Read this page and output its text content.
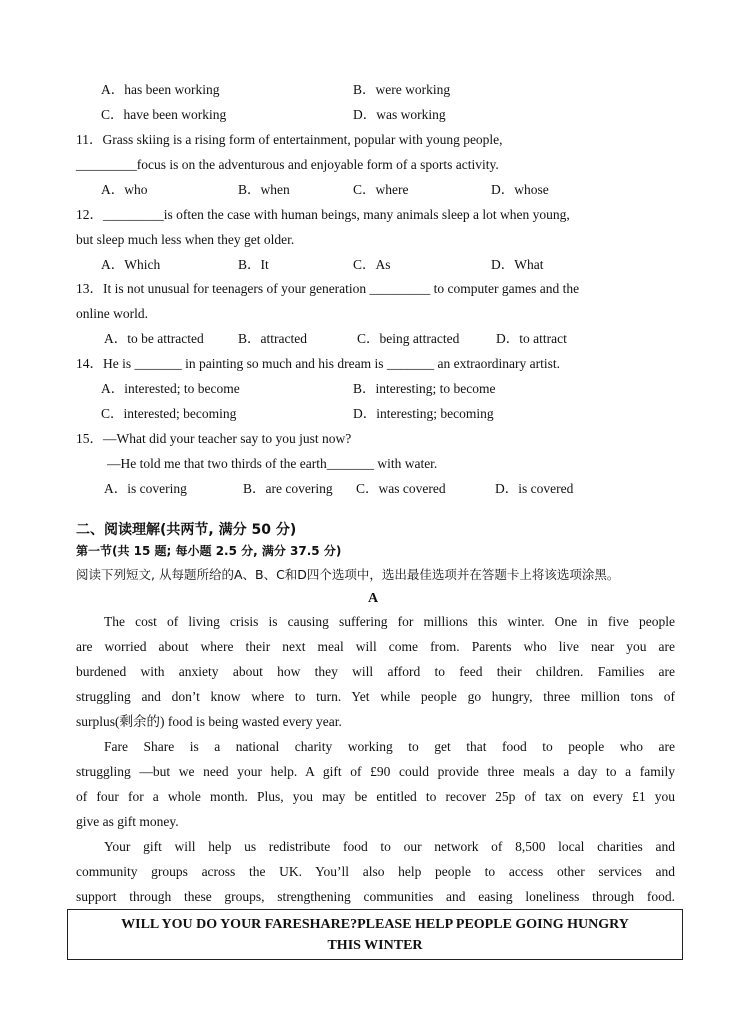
A．has been working	B．were working
C．have been working	D．was working
11．Grass skiing is a rising form of entertainment, popular with young people,
_________focus is on the adventurous and enjoyable form of a sports activity.
A．who	B．when	C．where	D．whose
12．_________is often the case with human beings, many animals sleep a lot when young,
but sleep much less when they get older.
A．Which	B．It	C．As	D．What
13．It is not unusual for teenagers of your generation _________ to computer games and the
online world.
A．to be attracted	B．attracted	C．being attracted	D．to attract
14．He is _______ in painting so much and his dream is _______ an extraordinary artist.
A．interested; to become	B．interesting; to become
C．interested; becoming	D．interesting; becoming
15．—What did your teacher say to you just now?
—He told me that two thirds of the earth_______ with water.
A．is covering	B．are covering C．was covered	D．is covered
二、阅读理解(共两节, 满分 50 分)
第一节(共 15 题; 每小题 2.5 分, 满分 37.5 分)
阅读下列短文, 从每题所给的A、B、C和D四个选项中，选出最佳选项并在答题卡上将该选项涂黑。
A
The cost of living crisis is causing suffering for millions this winter. One in five people
are worried about where their next meal will come from. Parents who live near you are
burdened with anxiety about how they will afford to feed their children. Families are
struggling and don’t know where to turn. Yet while people go hungry, three million tons of
surplus(剩余的) food is being wasted every year.
Fare Share is a national charity working to get that food to people who are
struggling —but we need your help. A gift of £90 could provide three meals a day to a family
of four for a whole month. Plus, you may be entitled to recover 25p of tax on every £1 you
give as gift money.
Your gift will help us redistribute food to our network of 8,500 local charities and
community groups across the UK. You’ll also help people to access other services and
support through these groups, strengthening communities and easing loneliness through food.
WILL YOU DO YOUR FARESHARE?PLEASE HELP PEOPLE GOING HUNGRY
THIS WINTER
